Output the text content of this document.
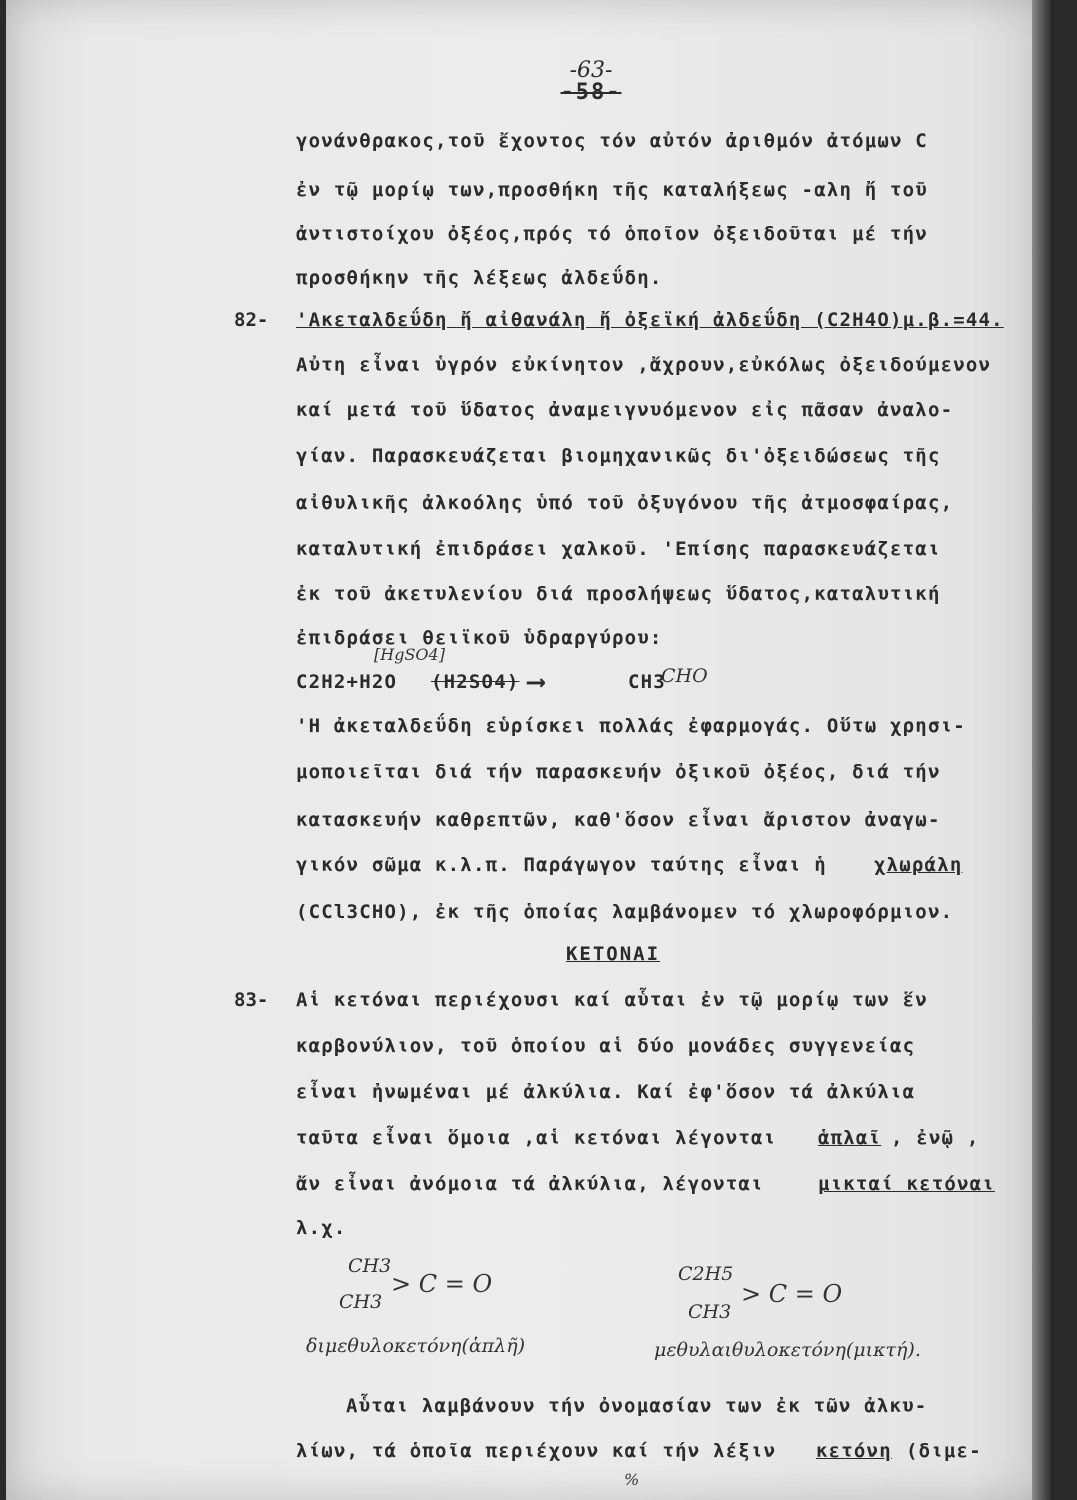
-63-
-58-
γονάνθρακος,τοῦ ἔχοντος τόν αὐτόν ἀριθμόν ἀτόμων C
ἐν τῷ μορίῳ των,προσθήκη τῆς καταλήξεως -αλη ἤ τοῦ
ἀντιστοίχου ὀξέος,πρός τό ὁποῖον ὀξειδοῦται μέ τήν
προσθήκην τῆς λέξεως ἀλδεΰδη.
82- 'Ακεταλδεΰδη ἤ αἰθανάλη ἤ ὀξεϊκή ἀλδεΰδη (C2H4O)μ.β.=44.
Αὐτη εἶναι ὑγρόν εὐκίνητον ,ἄχρουν,εὐκόλως ὀξειδούμενον
καί μετά τοῦ ὕδατος ἀναμειγνυόμενον εἰς πᾶσαν ἀναλο-
γίαν. Παρασκευάζεται βιομηχανικῶς δι'ὀξειδώσεως τῆς
αἰθυλικῆς ἀλκοόλης ὑπό τοῦ ὀξυγόνου τῆς ἀτμοσφαίρας,
καταλυτική ἐπιδράσει χαλκοῦ. 'Επίσης παρασκευάζεται
ἐκ τοῦ ἀκετυλενίου διά προσλήψεως ὕδατος,καταλυτική
ἐπιδράσει θειϊκοῦ ὑδραργύρου:
[HgSO4]
C2H2+H2O	(H2SO4) ⟶	CH3
CHO
'Η ἀκεταλδεΰδη εὑρίσκει πολλάς ἐφαρμογάς. Οὕτω χρησι-
μοποιεῖται διά τήν παρασκευήν ὀξικοῦ ὀξέος, διά τήν
κατασκευήν καθρεπτῶν, καθ'ὅσον εἶναι ἄριστον ἀναγω-
γικόν σῶμα κ.λ.π. Παράγωγον ταύτης εἶναι ἡ	χλωράλη
(CCl3CHO), ἐκ τῆς ὁποίας λαμβάνομεν τό χλωροφόρμιον.
ΚΕΤΟΝΑΙ
83- Αἱ κετόναι περιέχουσι καί αὗται ἐν τῷ μορίῳ των ἕν
καρβονύλιον, τοῦ ὁποίου αἱ δύο μονάδες συγγενείας
εἶναι ἠνωμέναι μέ ἀλκύλια. Καί ἐφ'ὅσον τά ἀλκύλια
ταῦτα εἶναι ὅμοια ,αἱ κετόναι λέγονται	ἁπλαῖ , ἐνῷ ,
ἄν εἶναι ἀνόμοια τά ἀλκύλια, λέγονται	μικταί κετόναι
λ.χ.
CH3
CH3
> C = O
διμεθυλοκετόνη(ἁπλῆ)
C2H5
CH3
> C = O
μεθυλαιθυλοκετόνη(μικτή).
Αὗται λαμβάνουν τήν ὀνομασίαν των ἐκ τῶν ἀλκυ-
λίων, τά ὁποῖα περιέχουν καί τήν λέξιν	κετόνη (διμε-
%
